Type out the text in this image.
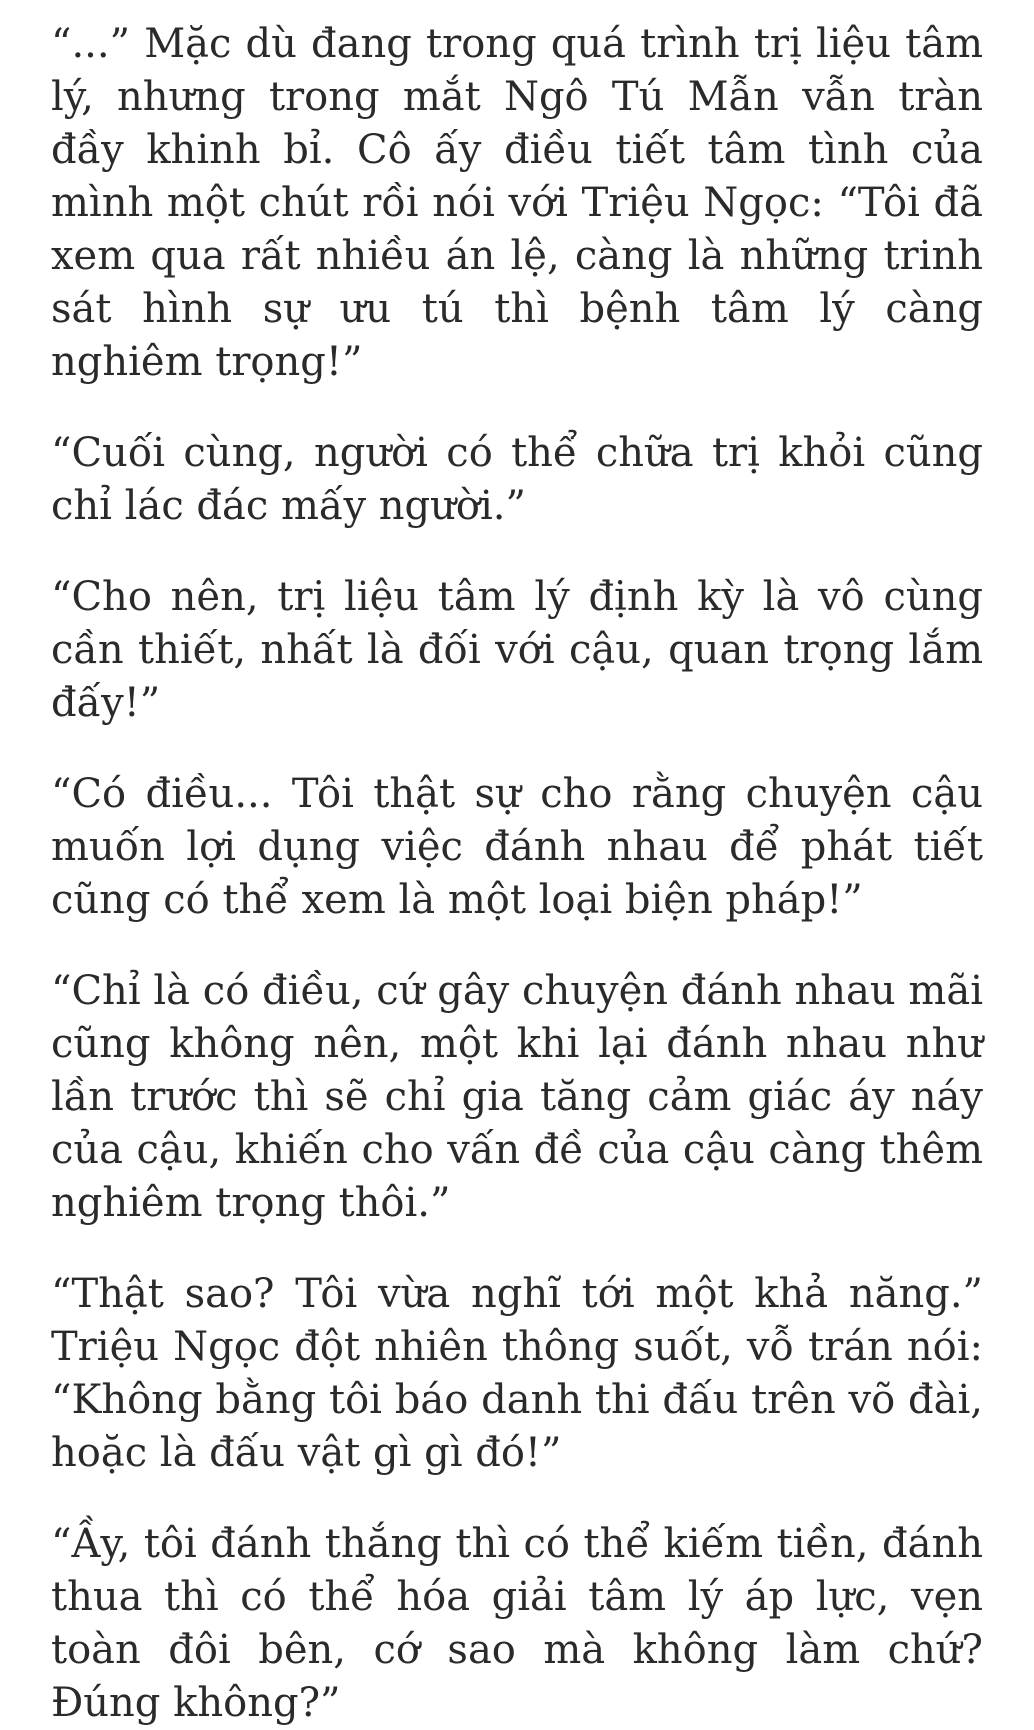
“...” Mặc dù đang trong quá trình trị liệu tâm lý, nhưng trong mắt Ngô Tú Mẫn vẫn tràn đầy khinh bỉ. Cô ấy điều tiết tâm tình của mình một chút rồi nói với Triệu Ngọc: “Tôi đã xem qua rất nhiều án lệ, càng là những trinh sát hình sự ưu tú thì bệnh tâm lý càng nghiêm trọng!”

“Cuối cùng, người có thể chữa trị khỏi cũng chỉ lác đác mấy người.”

“Cho nên, trị liệu tâm lý định kỳ là vô cùng cần thiết, nhất là đối với cậu, quan trọng lắm đấy!”

“Có điều... Tôi thật sự cho rằng chuyện cậu muốn lợi dụng việc đánh nhau để phát tiết cũng có thể xem là một loại biện pháp!”

“Chỉ là có điều, cứ gây chuyện đánh nhau mãi cũng không nên, một khi lại đánh nhau như lần trước thì sẽ chỉ gia tăng cảm giác áy náy của cậu, khiến cho vấn đề của cậu càng thêm nghiêm trọng thôi.”

“Thật sao? Tôi vừa nghĩ tới một khả năng.” Triệu Ngọc đột nhiên thông suốt, vỗ trán nói: “Không bằng tôi báo danh thi đấu trên võ đài, hoặc là đấu vật gì gì đó!”

“Ầy, tôi đánh thắng thì có thể kiếm tiền, đánh thua thì có thể hóa giải tâm lý áp lực, vẹn toàn đôi bên, cớ sao mà không làm chứ? Đúng không?”
